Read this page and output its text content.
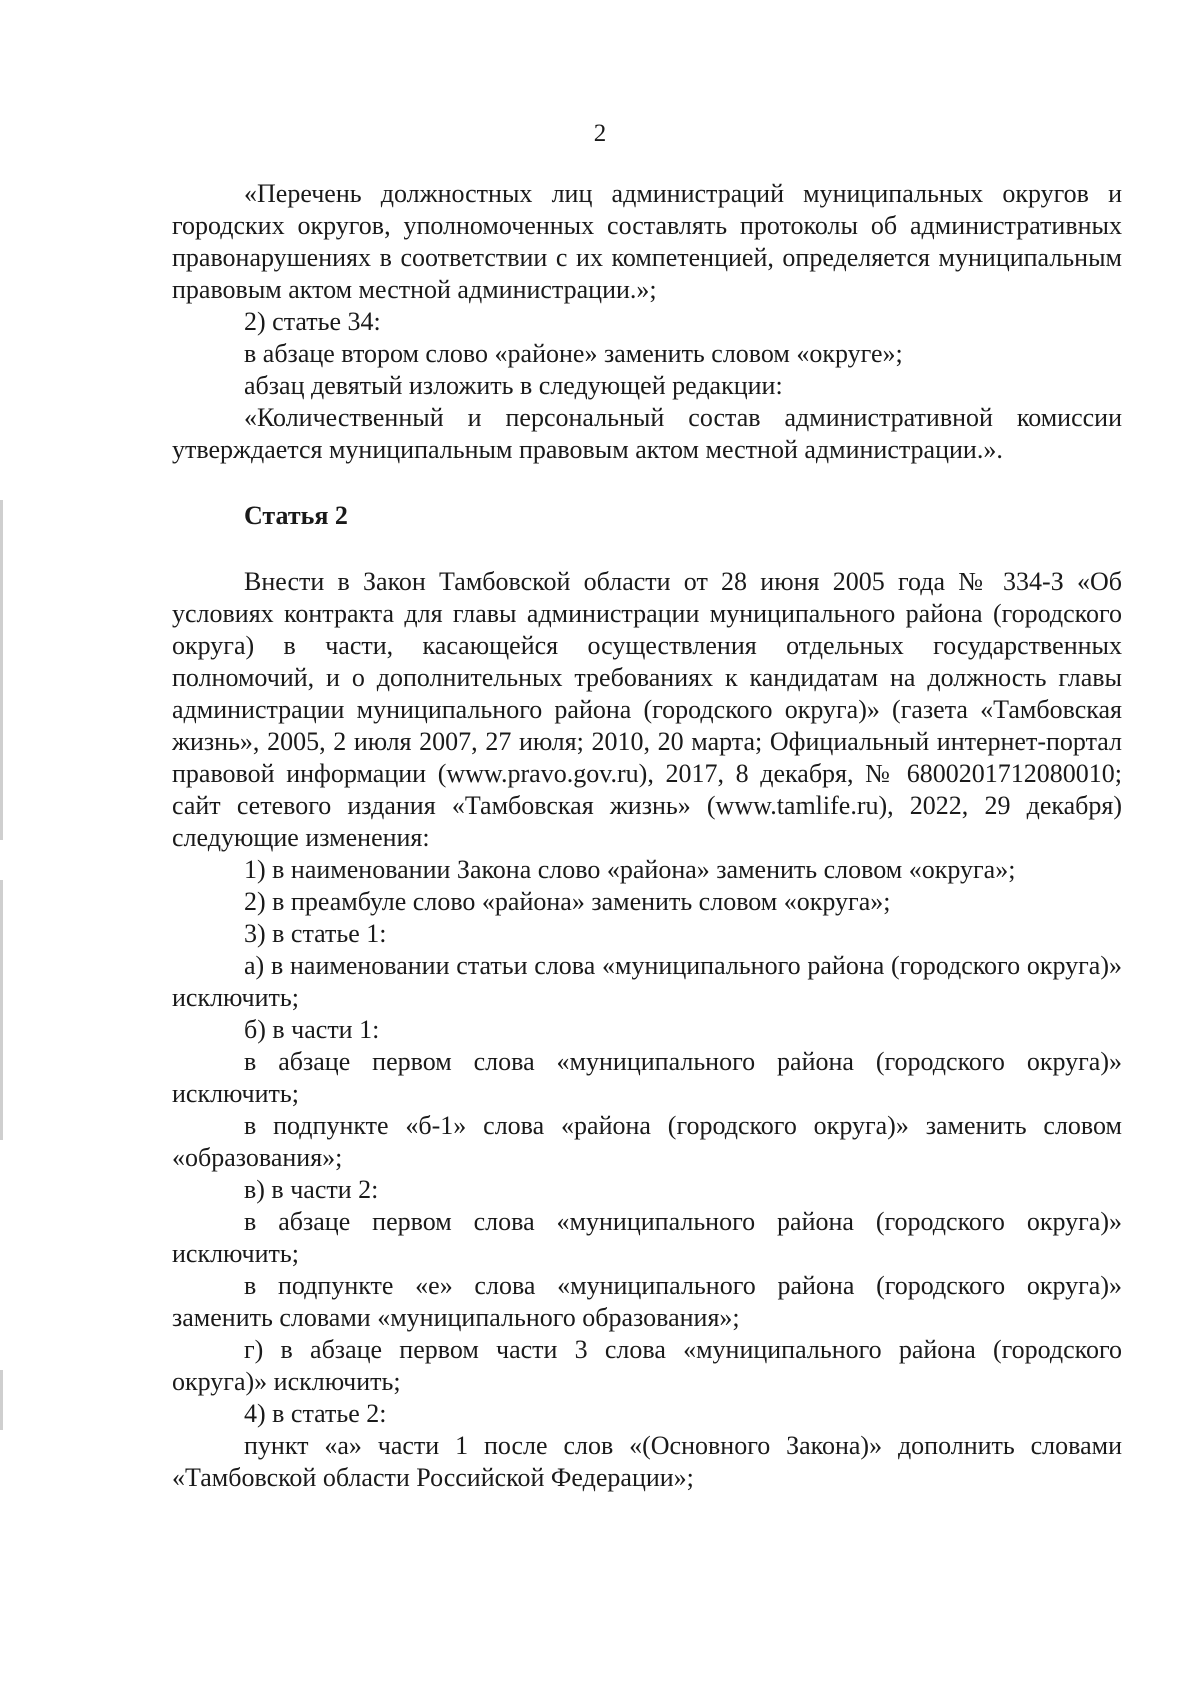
2

«Перечень должностных лиц администраций муниципальных округов и городских округов, уполномоченных составлять протоколы об административных правонарушениях в соответствии с их компетенцией, определяется муниципальным правовым актом местной администрации.»;

2) статье 34:

в абзаце втором слово «районе» заменить словом «округе»;

абзац девятый изложить в следующей редакции:

«Количественный и персональный состав административной комиссии утверждается муниципальным правовым актом местной администрации.».

Статья 2

Внести в Закон Тамбовской области от 28 июня 2005 года № 334-З «Об условиях контракта для главы администрации муниципального района (городского округа) в части, касающейся осуществления отдельных государственных полномочий, и о дополнительных требованиях к кандидатам на должность главы администрации муниципального района (городского округа)» (газета «Тамбовская жизнь», 2005, 2 июля 2007, 27 июля; 2010, 20 марта; Официальный интернет-портал правовой информации (www.pravo.gov.ru), 2017, 8 декабря, № 6800201712080010; сайт сетевого издания «Тамбовская жизнь» (www.tamlife.ru), 2022, 29 декабря) следующие изменения:

1) в наименовании Закона слово «района» заменить словом «округа»;

2) в преамбуле слово «района» заменить словом «округа»;

3) в статье 1:

а) в наименовании статьи слова «муниципального района (городского округа)» исключить;

б) в части 1:

в абзаце первом слова «муниципального района (городского округа)» исключить;

в подпункте «б-1» слова «района (городского округа)» заменить словом «образования»;

в) в части 2:

в абзаце первом слова «муниципального района (городского округа)» исключить;

в подпункте «е» слова «муниципального района (городского округа)» заменить словами «муниципального образования»;

г) в абзаце первом части 3 слова «муниципального района (городского округа)» исключить;

4) в статье 2:

пункт «а» части 1 после слов «(Основного Закона)» дополнить словами «Тамбовской области Российской Федерации»;
